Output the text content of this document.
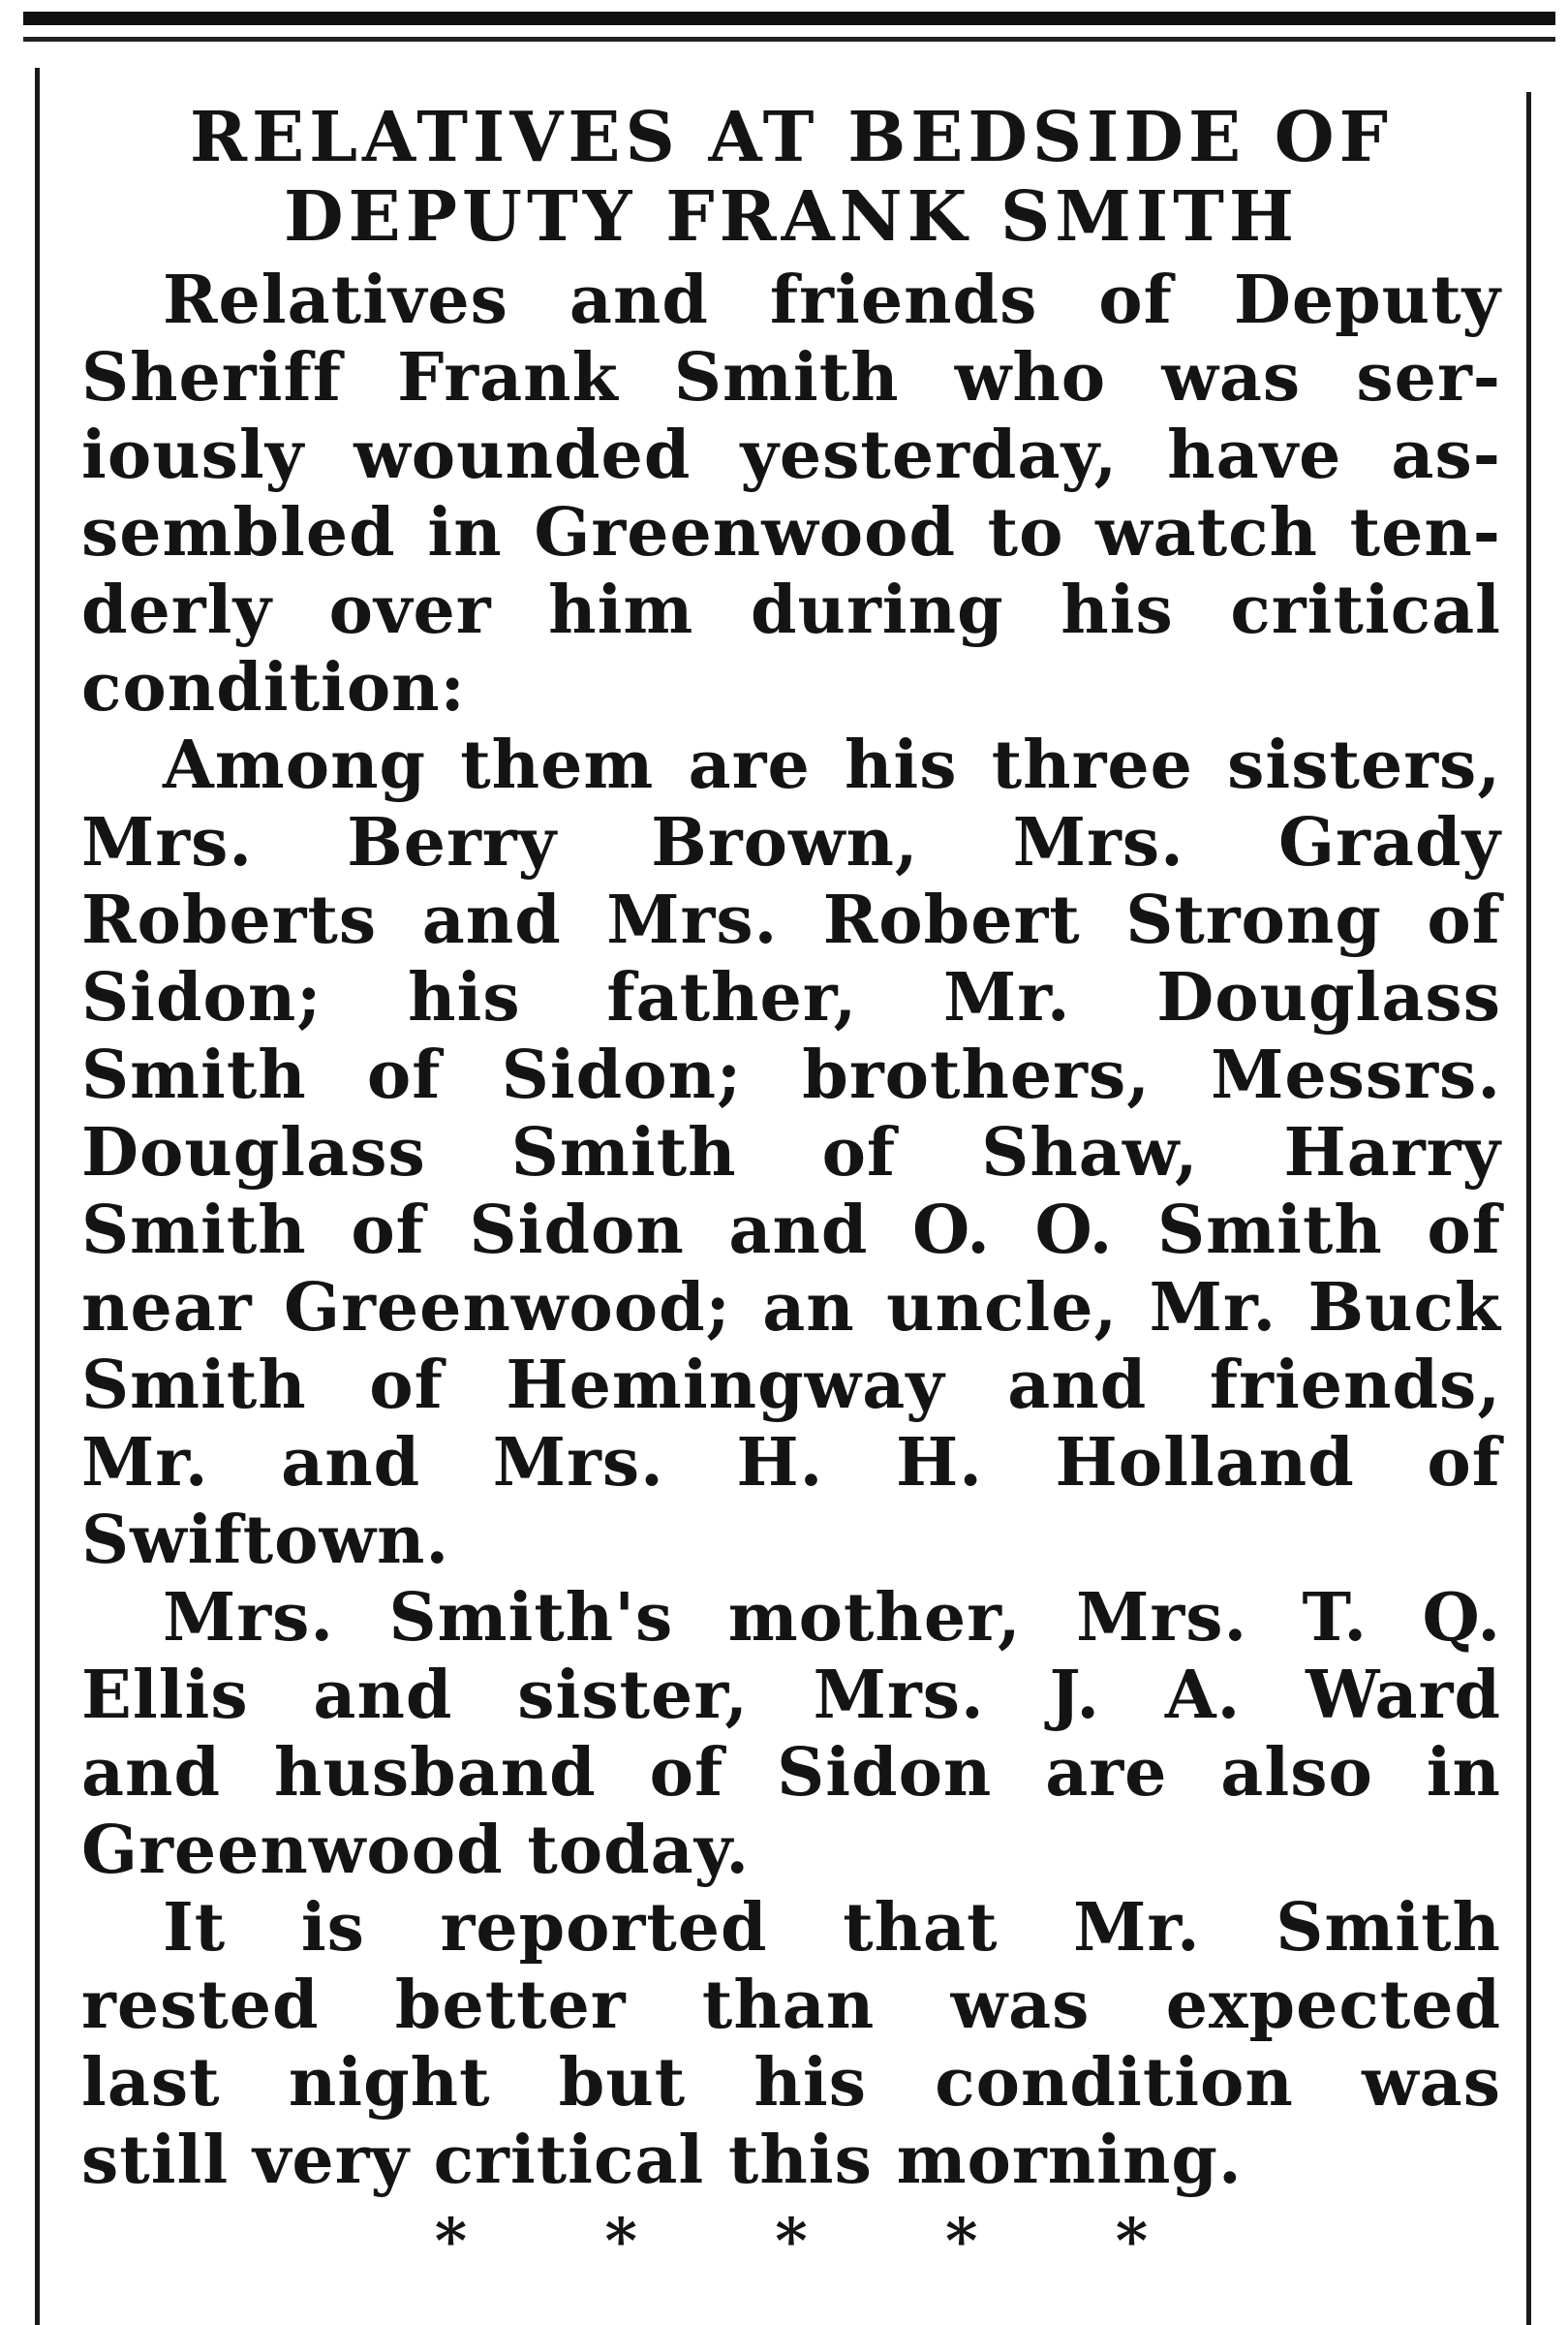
RELATIVES AT BEDSIDE OF
DEPUTY FRANK SMITH

Relatives and friends of Deputy
Sheriff Frank Smith who was ser-
iously wounded yesterday, have as-
sembled in Greenwood to watch ten-
derly over him during his critical
condition:

Among them are his three sisters,
Mrs. Berry Brown, Mrs. Grady
Roberts and Mrs. Robert Strong of
Sidon; his father, Mr. Douglass
Smith of Sidon; brothers, Messrs.
Douglass Smith of Shaw, Harry
Smith of Sidon and O. O. Smith of
near Greenwood; an uncle, Mr. Buck
Smith of Hemingway and friends,
Mr. and Mrs. H. H. Holland of
Swiftown.

Mrs. Smith's mother, Mrs. T. Q.
Ellis and sister, Mrs. J. A. Ward
and husband of Sidon are also in
Greenwood today.

It is reported that Mr. Smith
rested better than was expected
last night but his condition was
still very critical this morning.

* * * * *
